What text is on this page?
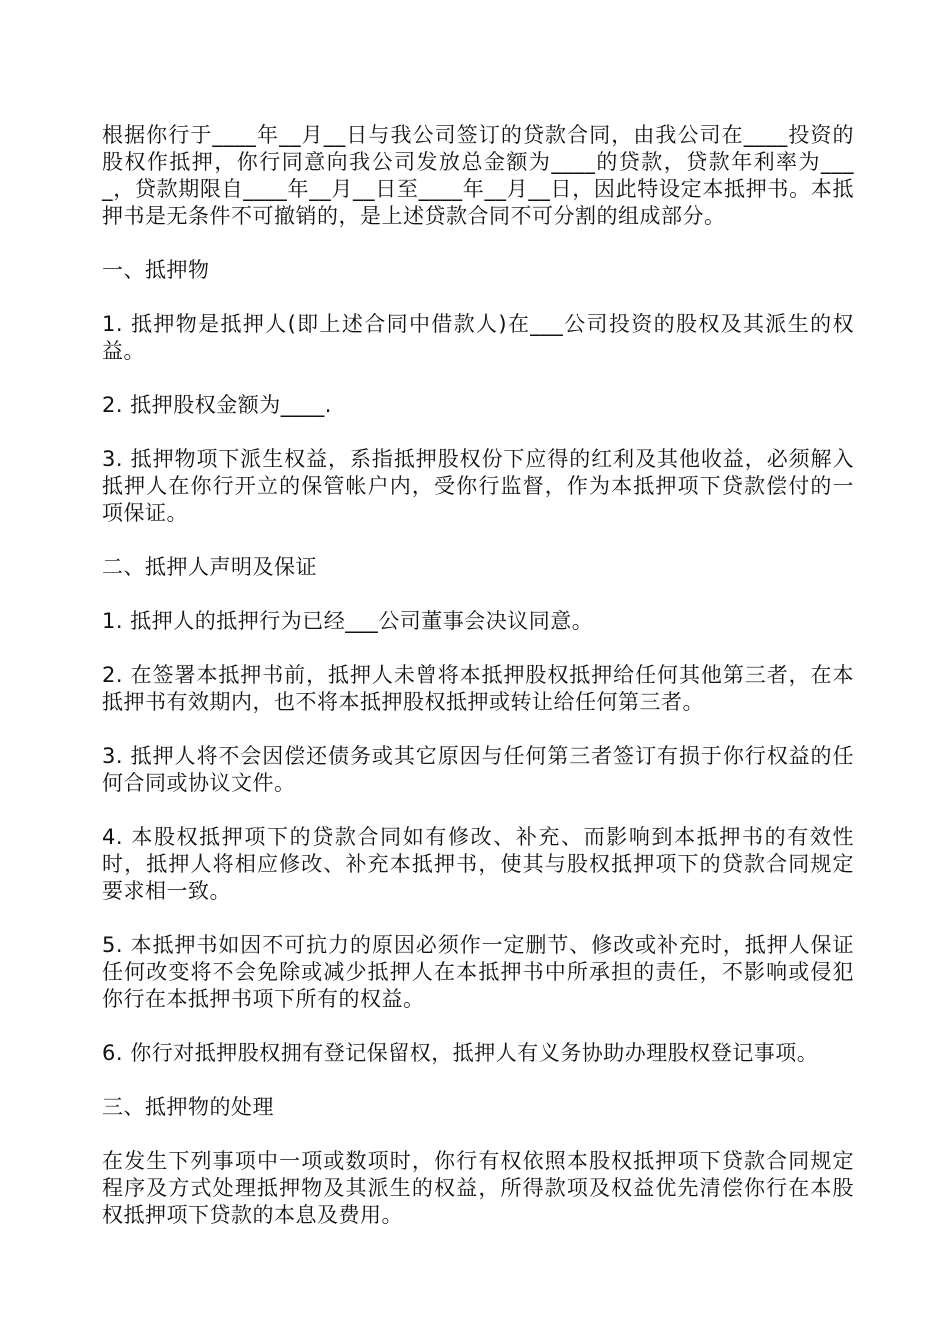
根据你行于____年__月__日与我公司签订的贷款合同，由我公司在____投资的股权作抵押，你行同意向我公司发放总金额为____的贷款，贷款年利率为____，贷款期限自____年__月__日至____年__月__日，因此特设定本抵押书。本抵押书是无条件不可撤销的，是上述贷款合同不可分割的组成部分。

一、抵押物

1. 抵押物是抵押人(即上述合同中借款人)在___公司投资的股权及其派生的权益。

2. 抵押股权金额为____.

3. 抵押物项下派生权益，系指抵押股权份下应得的红利及其他收益，必须解入抵押人在你行开立的保管帐户内，受你行监督，作为本抵押项下贷款偿付的一项保证。

二、抵押人声明及保证

1. 抵押人的抵押行为已经___公司董事会决议同意。

2. 在签署本抵押书前，抵押人未曾将本抵押股权抵押给任何其他第三者，在本抵押书有效期内，也不将本抵押股权抵押或转让给任何第三者。

3. 抵押人将不会因偿还债务或其它原因与任何第三者签订有损于你行权益的任何合同或协议文件。

4. 本股权抵押项下的贷款合同如有修改、补充、而影响到本抵押书的有效性时，抵押人将相应修改、补充本抵押书，使其与股权抵押项下的贷款合同规定要求相一致。

5. 本抵押书如因不可抗力的原因必须作一定删节、修改或补充时，抵押人保证任何改变将不会免除或减少抵押人在本抵押书中所承担的责任，不影响或侵犯你行在本抵押书项下所有的权益。

6. 你行对抵押股权拥有登记保留权，抵押人有义务协助办理股权登记事项。

三、抵押物的处理

在发生下列事项中一项或数项时，你行有权依照本股权抵押项下贷款合同规定程序及方式处理抵押物及其派生的权益，所得款项及权益优先清偿你行在本股权抵押项下贷款的本息及费用。
